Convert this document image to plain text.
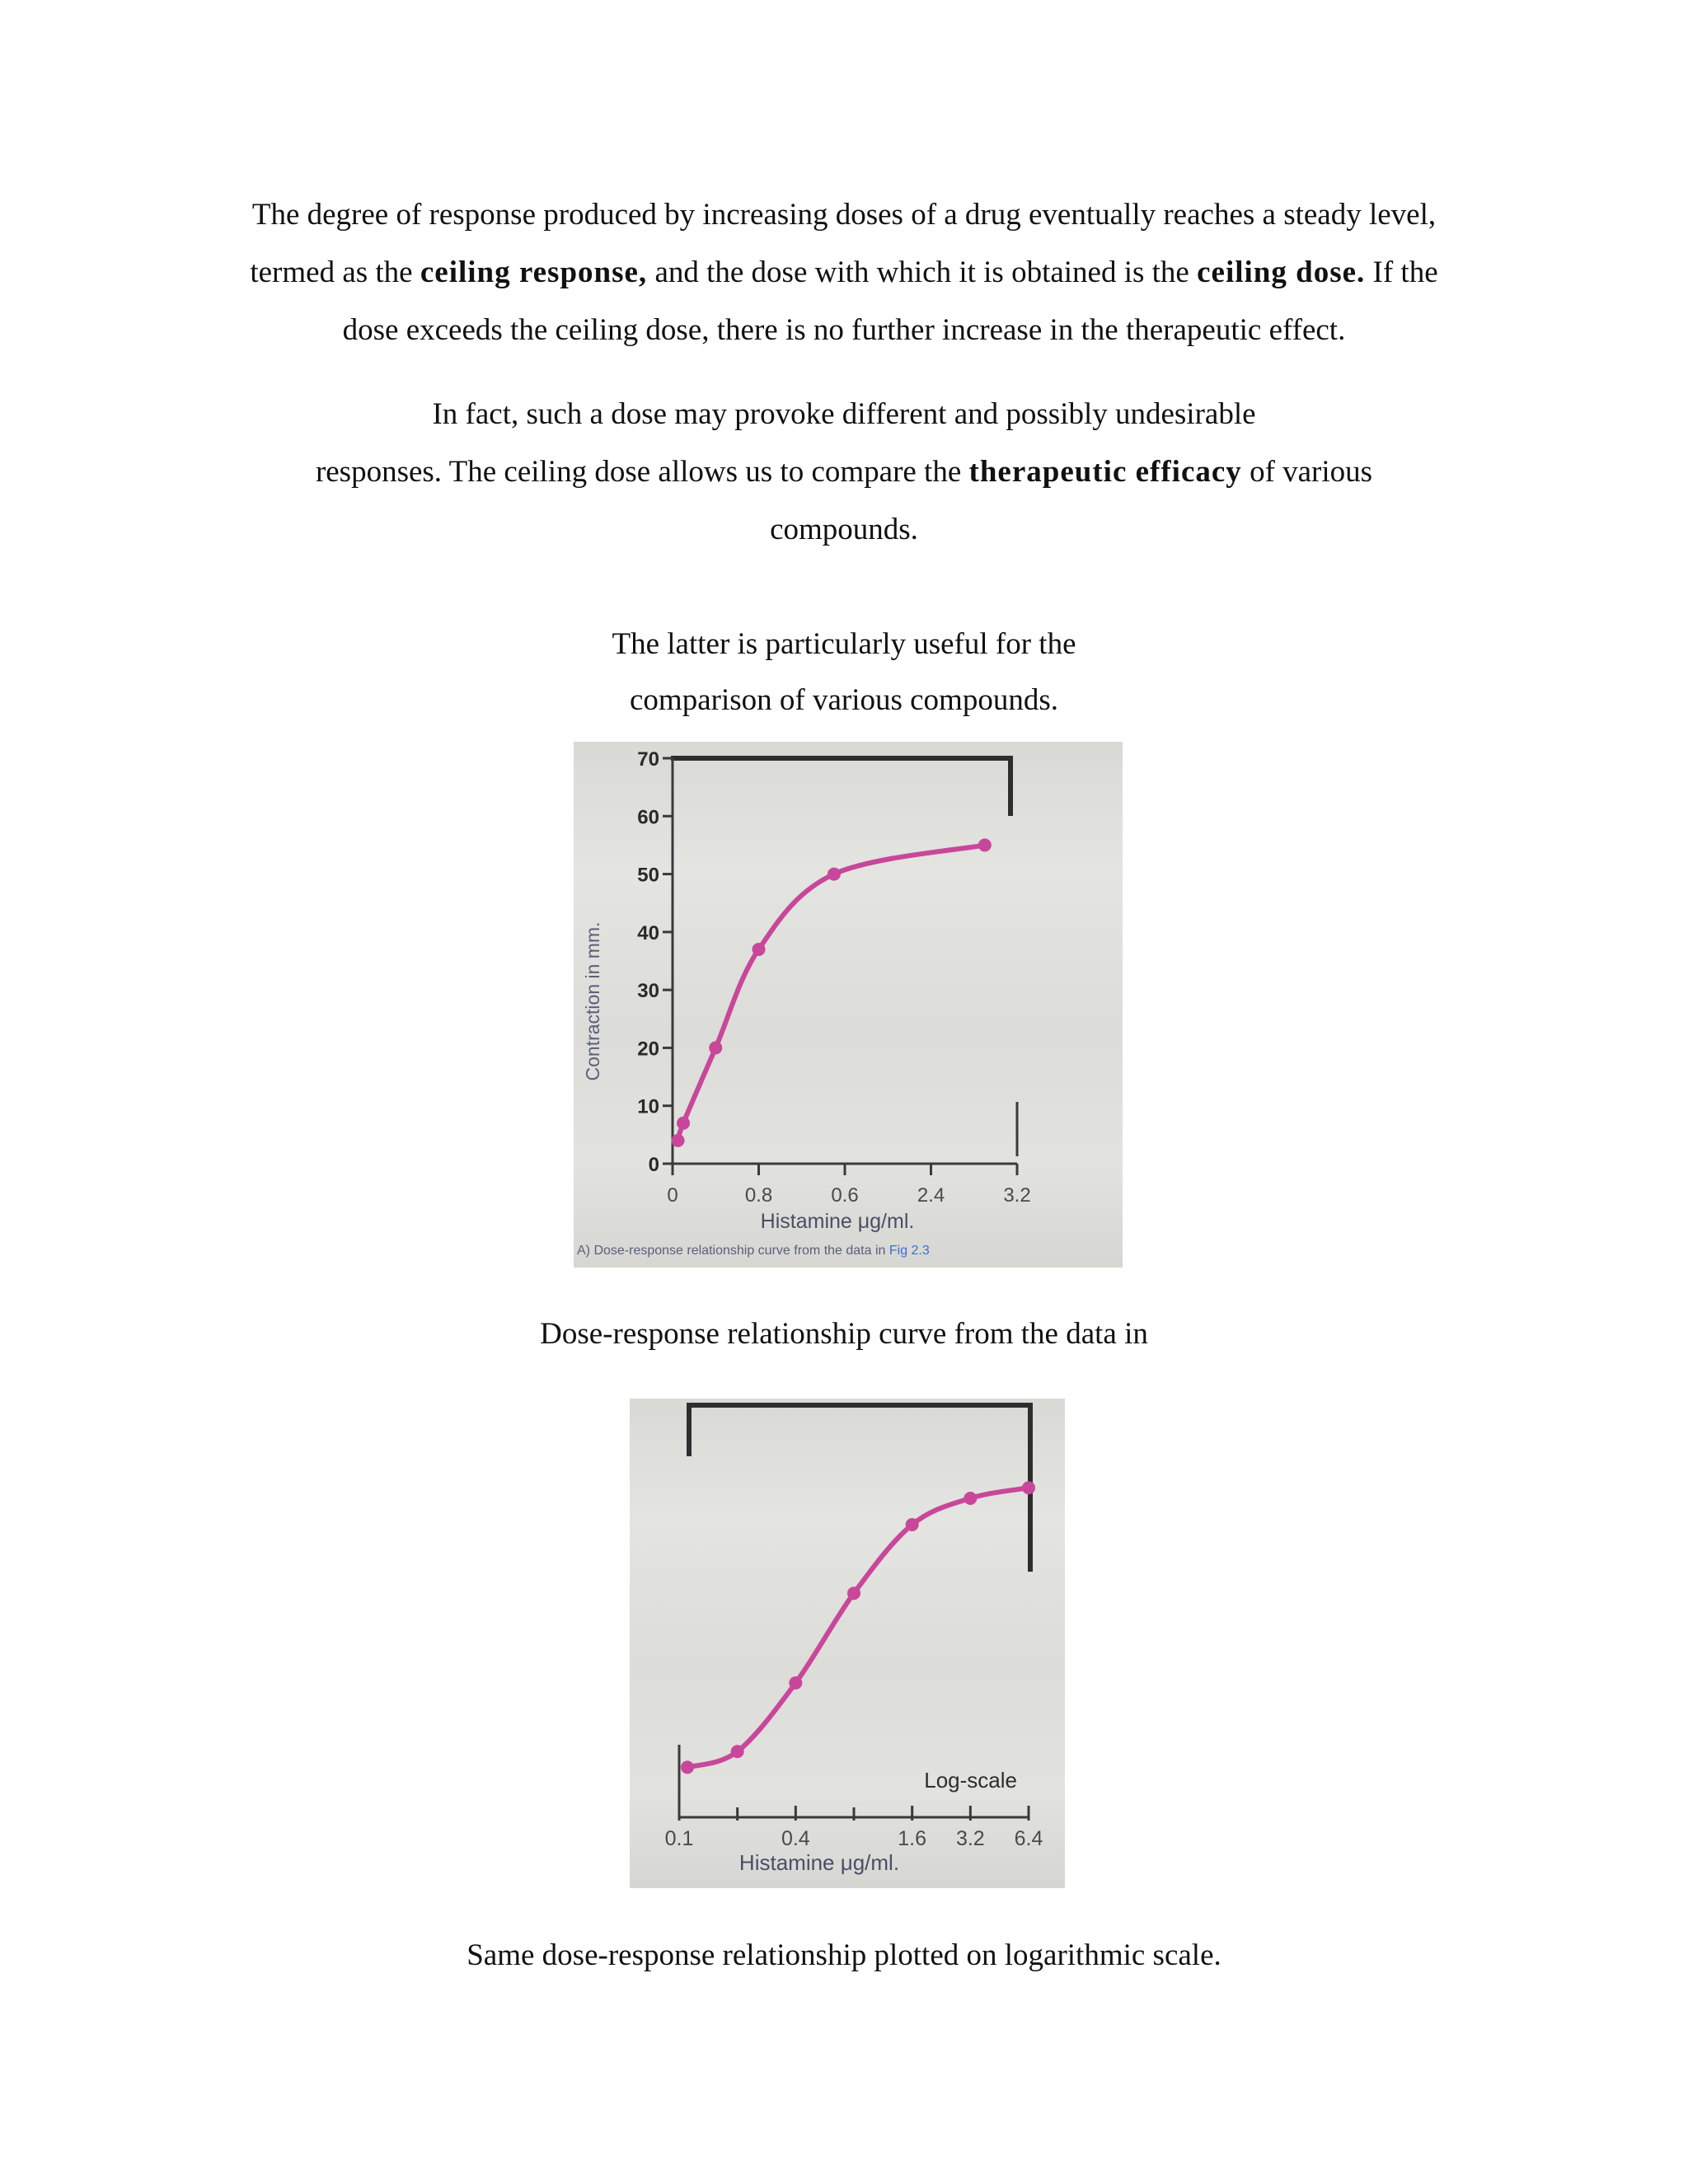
The degree of response produced by increasing doses of a drug eventually reaches a steady level,

termed as the ceiling response, and the dose with which it is obtained is the ceiling dose. If the

dose exceeds the ceiling dose, there is no further increase in the therapeutic effect.

In fact, such a dose may provoke different and possibly undesirable

responses. The ceiling dose allows us to compare the therapeutic efficacy of various

compounds.

The latter is particularly useful for the

comparison of various compounds.

0
10
20
30
40
50
60
70
0	0.8	0.6	2.4	3.2
Contraction in mm.
Histamine μg/ml.
A) Dose-response relationship curve from the data in Fig 2.3

Dose-response relationship curve from the data in

0.1	0.4	1.6 3.2 6.4
Log-scale
Histamine μg/ml.

Same dose-response relationship plotted on logarithmic scale.
